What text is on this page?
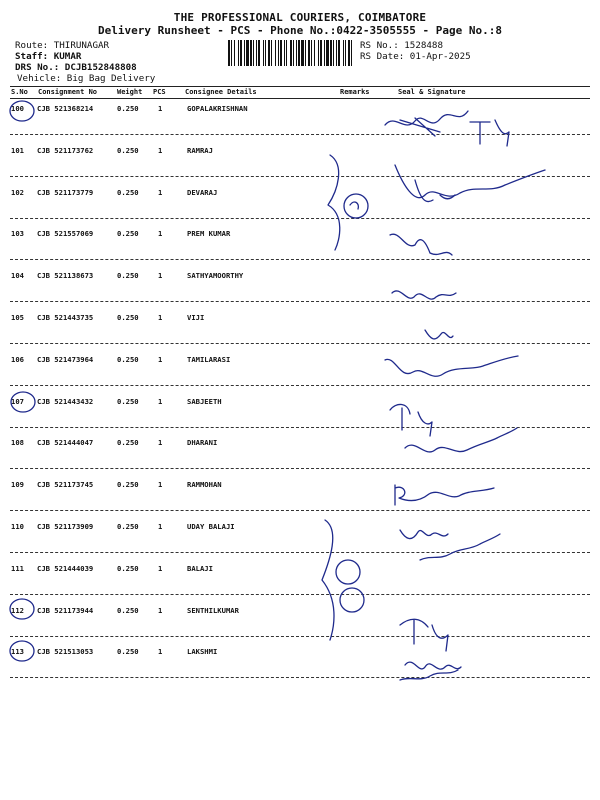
THE PROFESSIONAL COURIERS, COIMBATORE
Delivery Runsheet - PCS - Phone No.:0422-3505555 - Page No.:8
Route: THIRUNAGAR
Staff: KUMAR
DRS No.: DCJB152848808
Vehicle: Big Bag Delivery
RS No.: 1528488
RS Date: 01-Apr-2025
S.No Consignment No	Weight PCS	Consignee Details	Remarks	Seal & Signature
100 CJB 521368214	0.250	1	GOPALAKRISHNAN
101 CJB 521173762	0.250	1	RAMRAJ
102 CJB 521173779	0.250	1	DEVARAJ
103 CJB 521557069	0.250	1	PREM KUMAR
104 CJB 521138673	0.250	1	SATHYAMOORTHY
105 CJB 521443735	0.250	1	VIJI
106 CJB 521473964	0.250	1	TAMILARASI
107 CJB 521443432	0.250	1	SABJEETH
108 CJB 521444047	0.250	1	DHARANI
109 CJB 521173745	0.250	1	RAMMOHAN
110 CJB 521173909	0.250	1	UDAY BALAJI
111 CJB 521444039	0.250	1	BALAJI
112 CJB 521173944	0.250	1	SENTHILKUMAR
113 CJB 521513053	0.250	1	LAKSHMI
